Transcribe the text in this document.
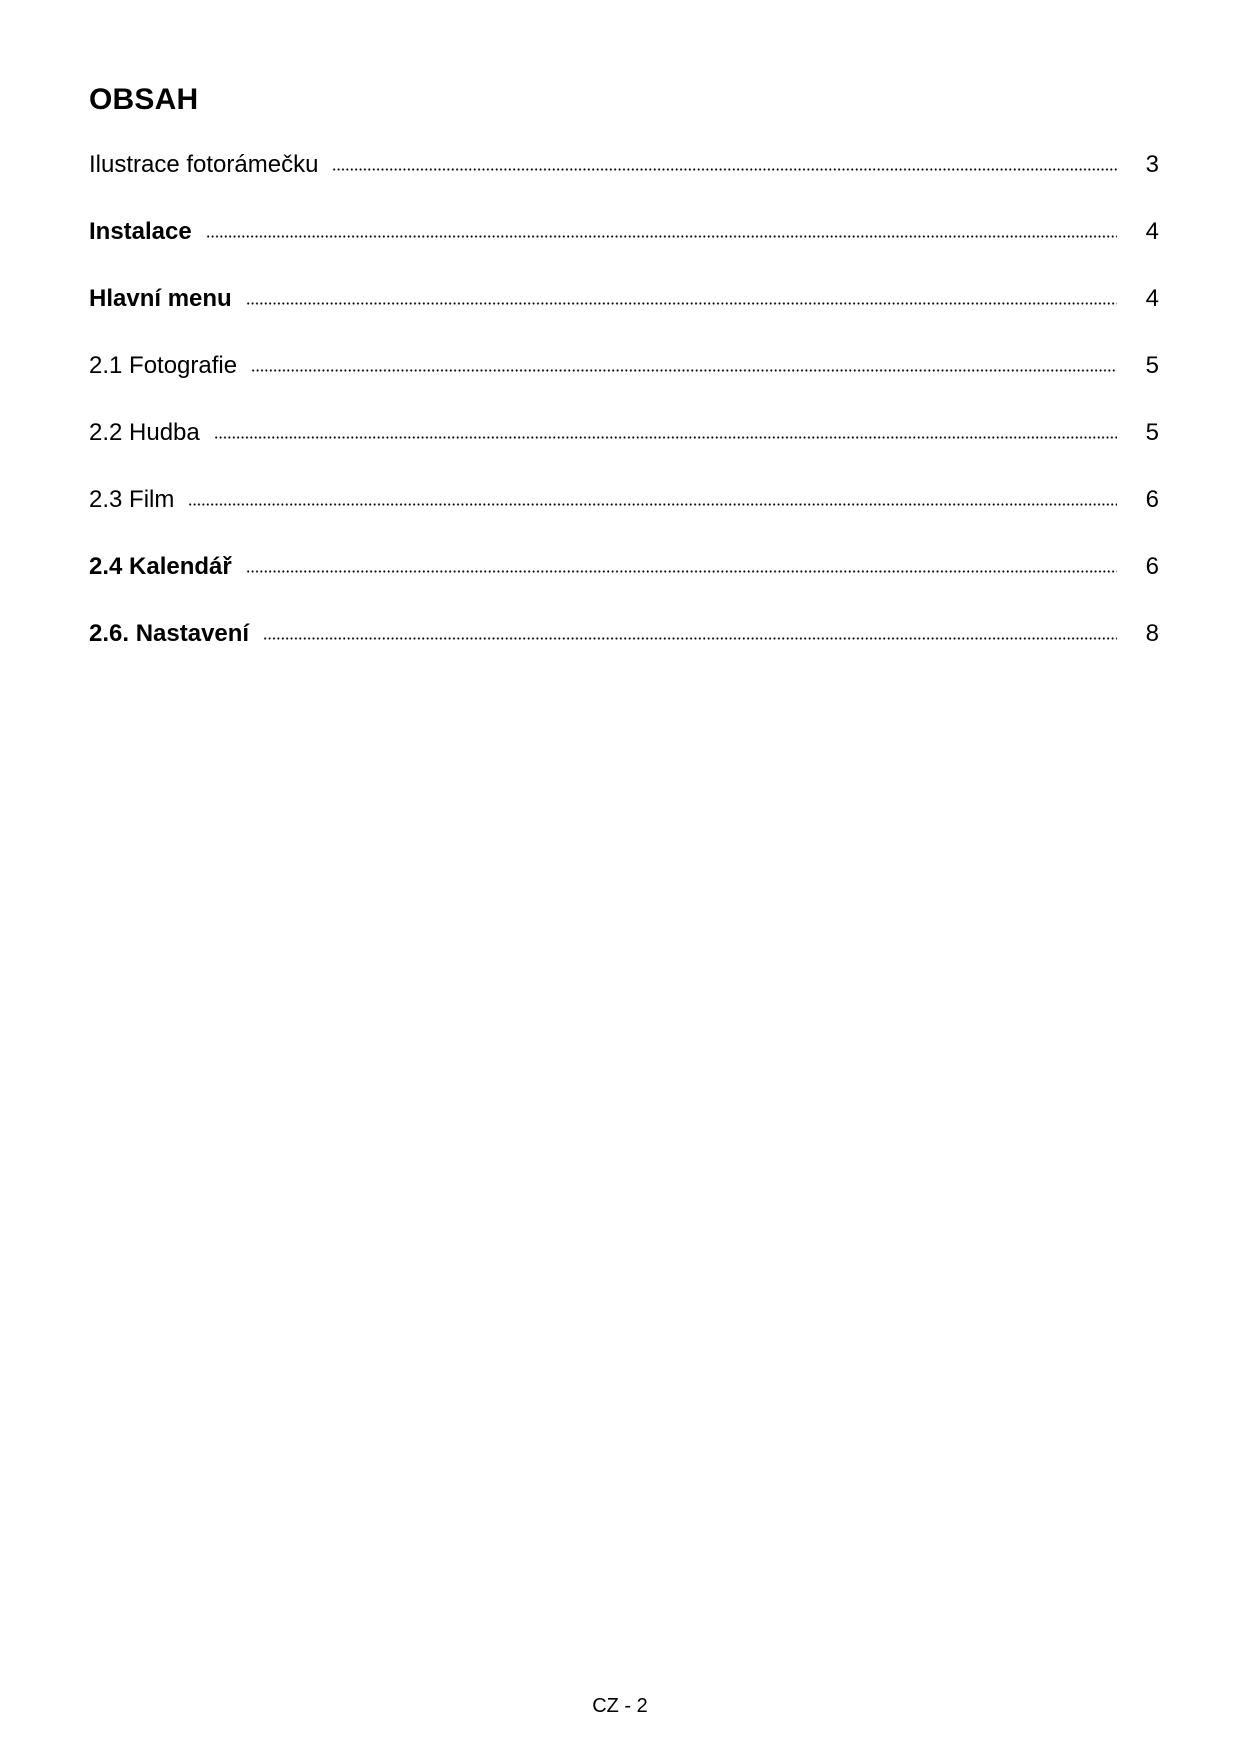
OBSAH
Ilustrace fotorámečku	3
Instalace	4
Hlavní menu	4
2.1 Fotografie	5
2.2 Hudba	5
2.3 Film	6
2.4 Kalendář	6
2.6. Nastavení	8
CZ - 2
